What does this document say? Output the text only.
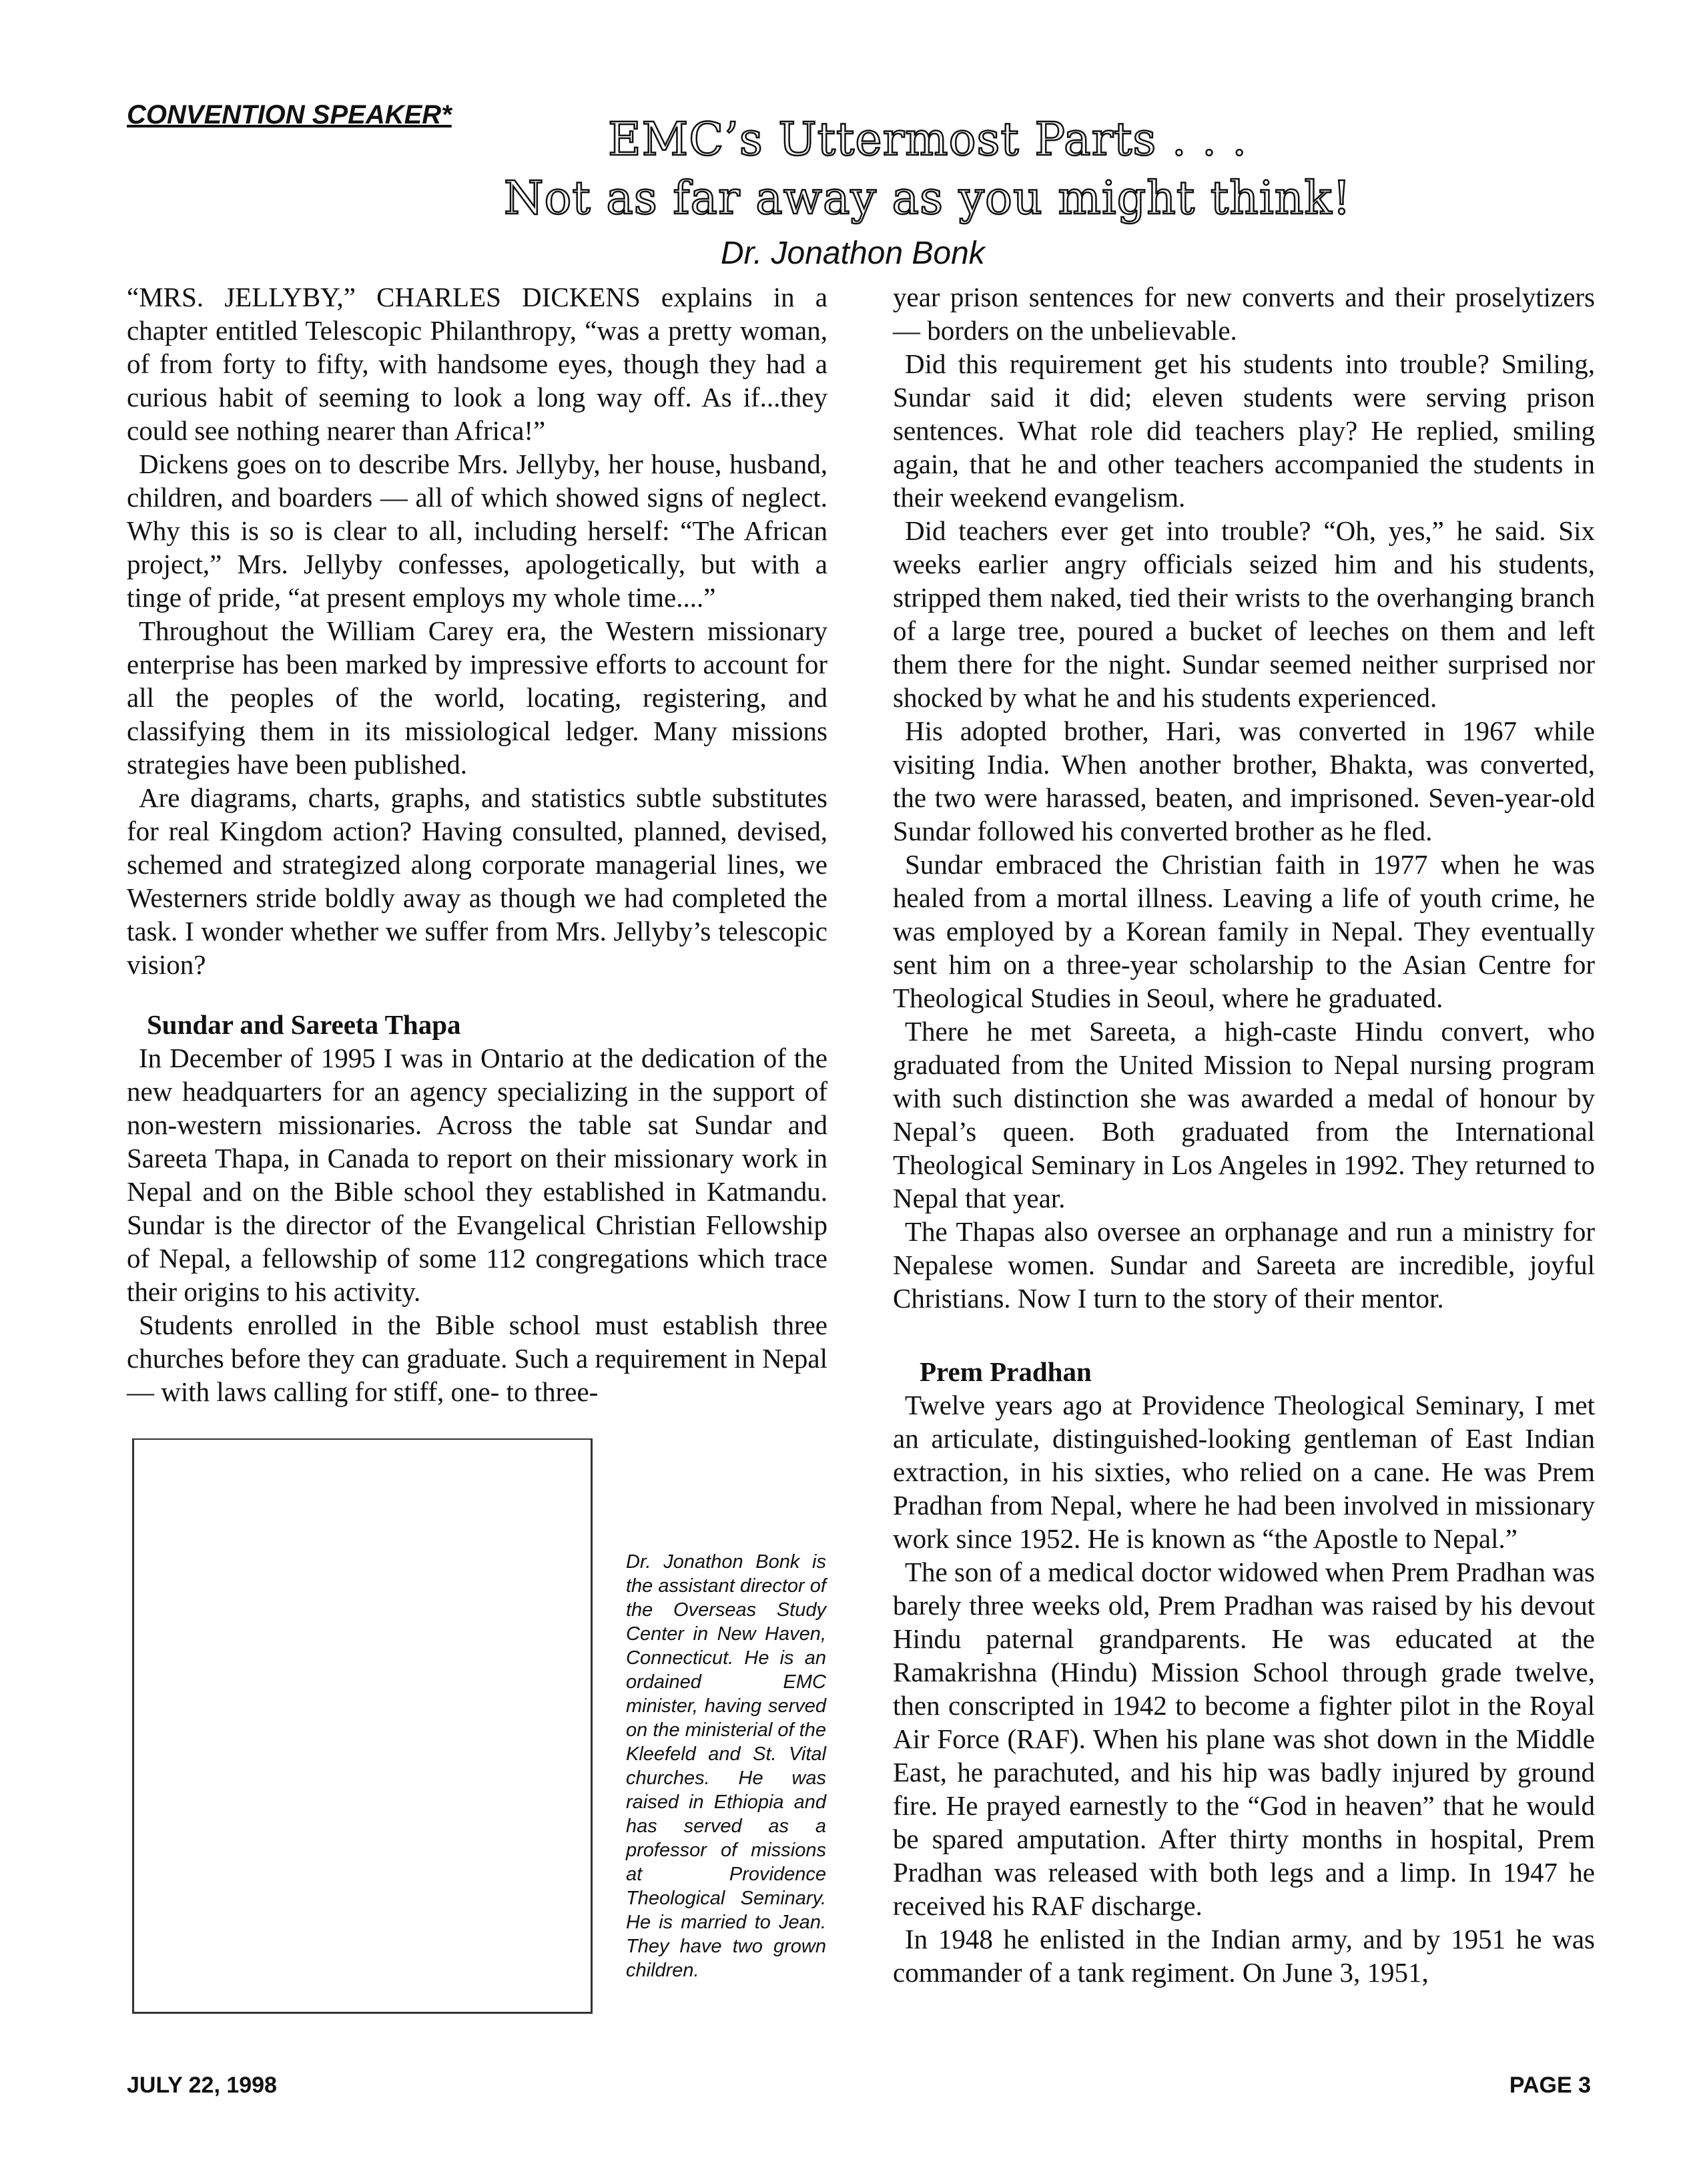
CONVENTION SPEAKER*	EMC’s Uttermost Parts . . .
Not as far away as you might think!
Dr. Jonathon Bonk

“MRS. JELLYBY,” CHARLES DICKENS explains in a chapter entitled Telescopic Philanthropy, “was a pretty woman, of from forty to fifty, with handsome eyes, though they had a curious habit of seeming to look a long way off. As if...they could see nothing nearer than Africa!”

Dickens goes on to describe Mrs. Jellyby, her house, husband, children, and boarders — all of which showed signs of neglect. Why this is so is clear to all, including herself: “The African project,” Mrs. Jellyby confesses, apologetically, but with a tinge of pride, “at present employs my whole time....”

Throughout the William Carey era, the Western missionary enterprise has been marked by impressive efforts to account for all the peoples of the world, locating, registering, and classifying them in its missiological ledger. Many missions strategies have been published.

Are diagrams, charts, graphs, and statistics subtle substitutes for real Kingdom action? Having consulted, planned, devised, schemed and strategized along corporate managerial lines, we Westerners stride boldly away as though we had completed the task. I wonder whether we suffer from Mrs. Jellyby’s telescopic vision?

Sundar and Sareeta Thapa

In December of 1995 I was in Ontario at the dedication of the new headquarters for an agency specializing in the support of non-western missionaries. Across the table sat Sundar and Sareeta Thapa, in Canada to report on their missionary work in Nepal and on the Bible school they established in Katmandu. Sundar is the director of the Evangelical Christian Fellowship of Nepal, a fellowship of some 112 congregations which trace their origins to his activity.

Students enrolled in the Bible school must establish three churches before they can graduate. Such a requirement in Nepal — with laws calling for stiff, one- to three-

Dr. Jonathon Bonk is the assistant director of the Overseas Study Center in New Haven, Connecticut. He is an ordained EMC minister, having served on the ministerial of the Kleefeld and St. Vital churches. He was raised in Ethiopia and has served as a professor of missions at Providence Theological Seminary. He is married to Jean. They have two grown children.

year prison sentences for new converts and their proselytizers — borders on the unbelievable.

Did this requirement get his students into trouble? Smiling, Sundar said it did; eleven students were serving prison sentences. What role did teachers play? He replied, smiling again, that he and other teachers accompanied the students in their weekend evangelism.

Did teachers ever get into trouble? “Oh, yes,” he said. Six weeks earlier angry officials seized him and his students, stripped them naked, tied their wrists to the overhanging branch of a large tree, poured a bucket of leeches on them and left them there for the night. Sundar seemed neither surprised nor shocked by what he and his students experienced.

His adopted brother, Hari, was converted in 1967 while visiting India. When another brother, Bhakta, was converted, the two were harassed, beaten, and imprisoned. Seven-year-old Sundar followed his converted brother as he fled.

Sundar embraced the Christian faith in 1977 when he was healed from a mortal illness. Leaving a life of youth crime, he was employed by a Korean family in Nepal. They eventually sent him on a three-year scholarship to the Asian Centre for Theological Studies in Seoul, where he graduated.

There he met Sareeta, a high-caste Hindu convert, who graduated from the United Mission to Nepal nursing program with such distinction she was awarded a medal of honour by Nepal’s queen. Both graduated from the International Theological Seminary in Los Angeles in 1992. They returned to Nepal that year.

The Thapas also oversee an orphanage and run a ministry for Nepalese women. Sundar and Sareeta are incredible, joyful Christians. Now I turn to the story of their mentor.

Prem Pradhan

Twelve years ago at Providence Theological Seminary, I met an articulate, distinguished-looking gentleman of East Indian extraction, in his sixties, who relied on a cane. He was Prem Pradhan from Nepal, where he had been involved in missionary work since 1952. He is known as “the Apostle to Nepal.”

The son of a medical doctor widowed when Prem Pradhan was barely three weeks old, Prem Pradhan was raised by his devout Hindu paternal grandparents. He was educated at the Ramakrishna (Hindu) Mission School through grade twelve, then conscripted in 1942 to become a fighter pilot in the Royal Air Force (RAF). When his plane was shot down in the Middle East, he parachuted, and his hip was badly injured by ground fire. He prayed earnestly to the “God in heaven” that he would be spared amputation. After thirty months in hospital, Prem Pradhan was released with both legs and a limp. In 1947 he received his RAF discharge.

In 1948 he enlisted in the Indian army, and by 1951 he was commander of a tank regiment. On June 3, 1951,

JULY 22, 1998	PAGE 3
